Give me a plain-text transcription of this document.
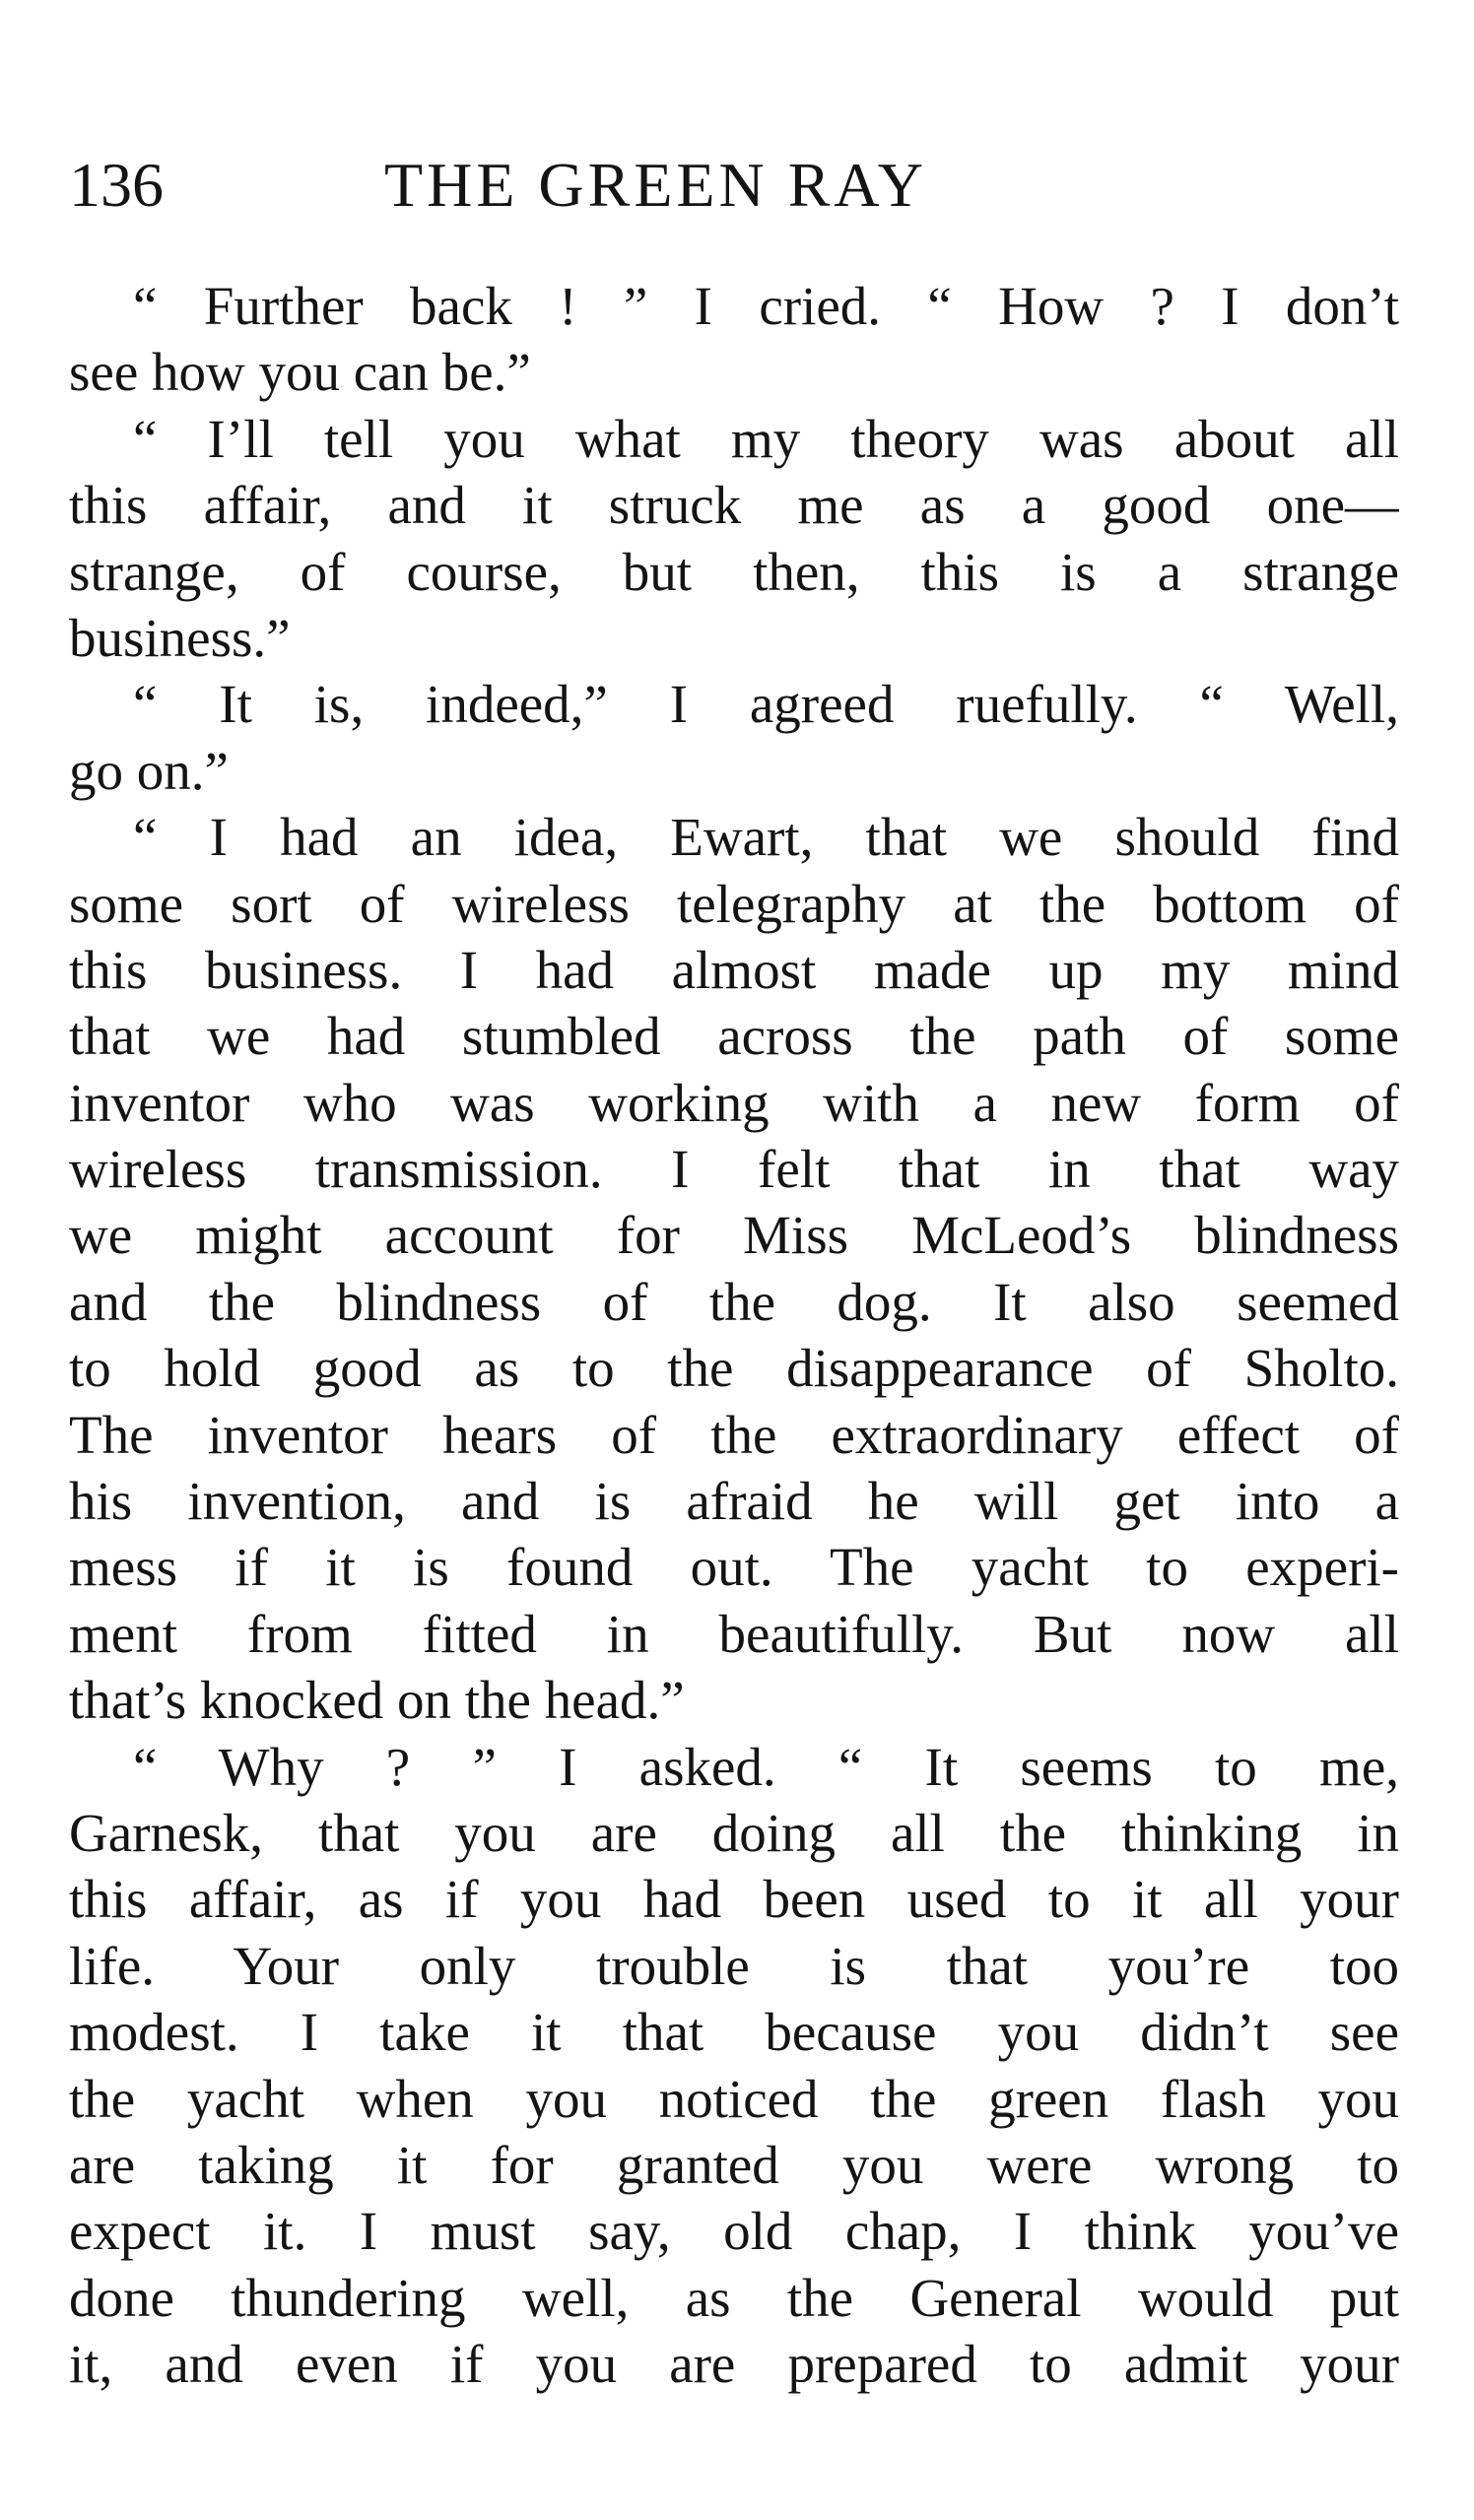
136	THE GREEN RAY
“ Further back ! ” I cried. “ How ? I don’t
see how you can be.”
“ I’ll tell you what my theory was about all
this affair, and it struck me as a good one—
strange, of course, but then, this is a strange
business.”
“ It is, indeed,” I agreed ruefully. “ Well,
go on.”
“ I had an idea, Ewart, that we should find
some sort of wireless telegraphy at the bottom of
this business. I had almost made up my mind
that we had stumbled across the path of some
inventor who was working with a new form of
wireless transmission. I felt that in that way
we might account for Miss McLeod’s blindness
and the blindness of the dog. It also seemed
to hold good as to the disappearance of Sholto.
The inventor hears of the extraordinary effect of
his invention, and is afraid he will get into a
mess if it is found out. The yacht to experi-
ment from fitted in beautifully. But now all
that’s knocked on the head.”
“ Why ? ” I asked. “ It seems to me,
Garnesk, that you are doing all the thinking in
this affair, as if you had been used to it all your
life. Your only trouble is that you’re too
modest. I take it that because you didn’t see
the yacht when you noticed the green flash you
are taking it for granted you were wrong to
expect it. I must say, old chap, I think you’ve
done thundering well, as the General would put
it, and even if you are prepared to admit your
